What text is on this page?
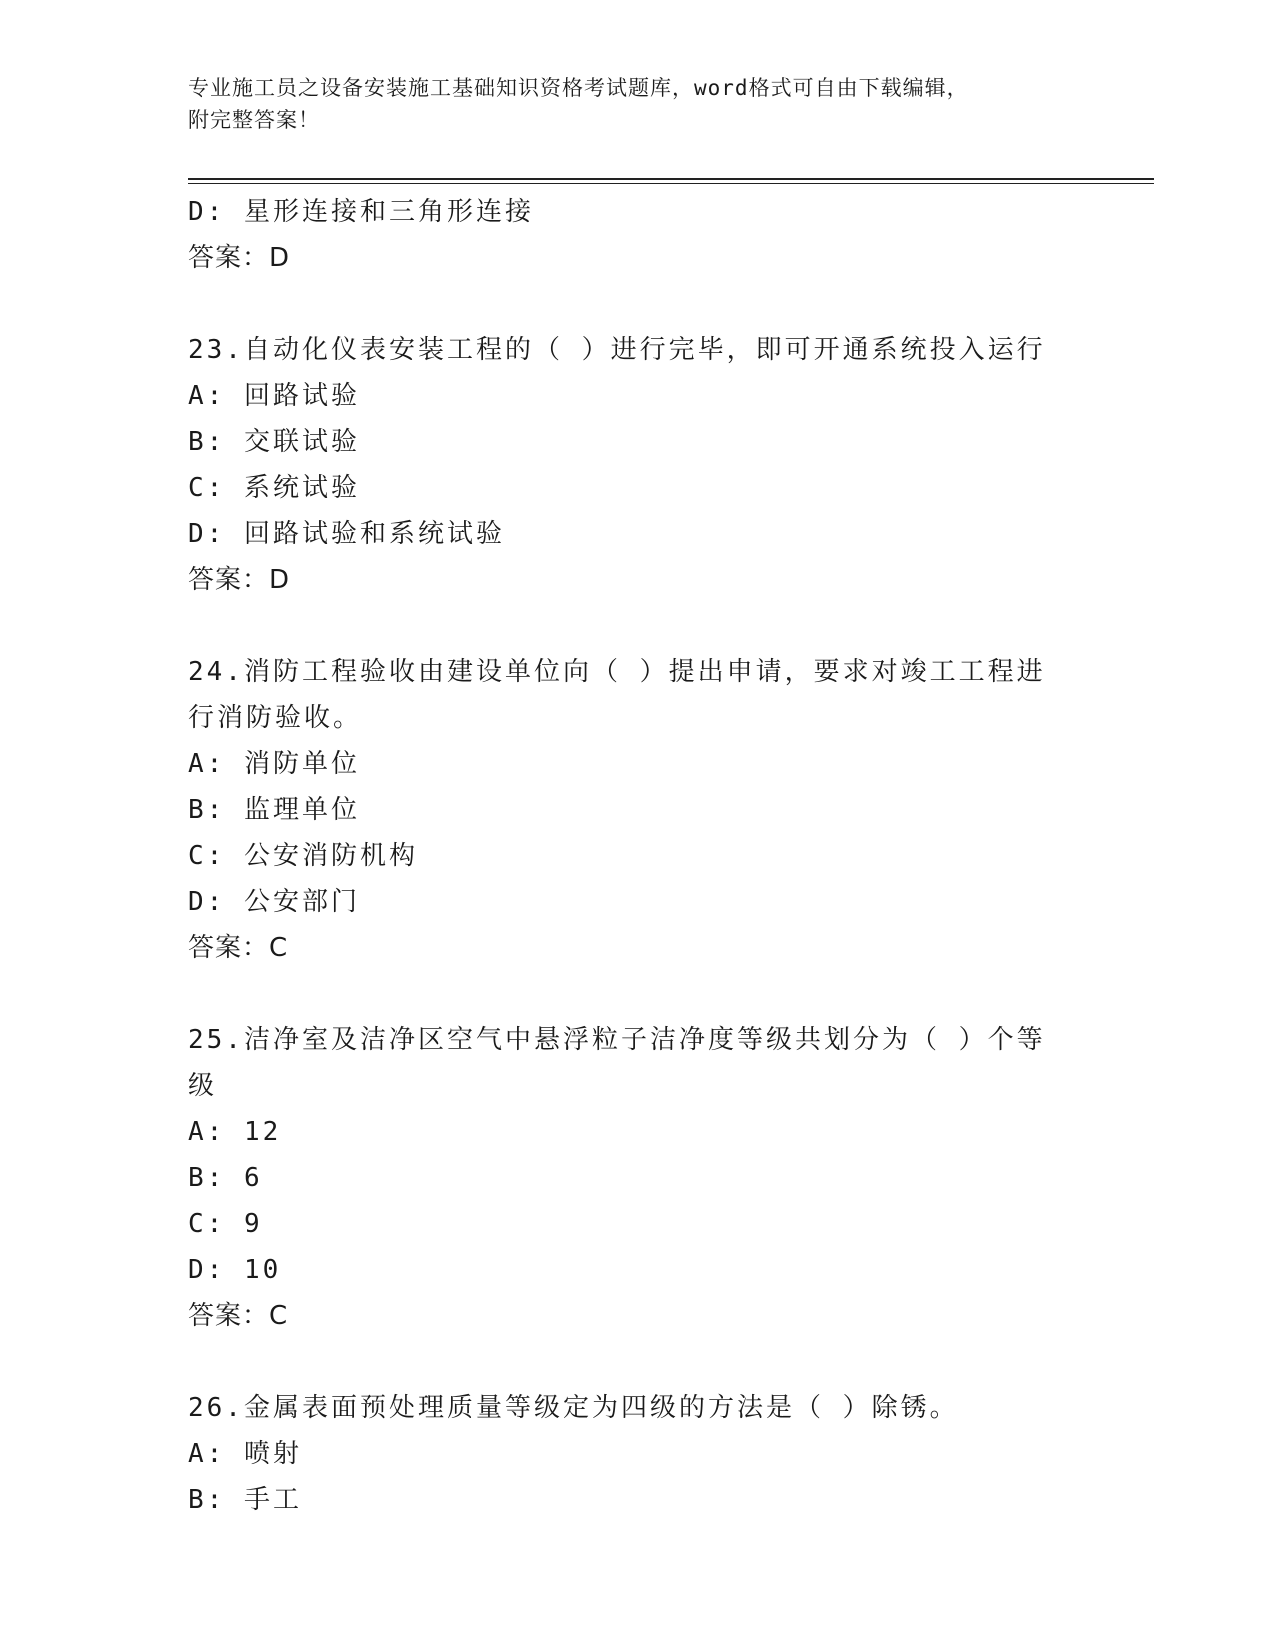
专业施工员之设备安装施工基础知识资格考试题库，word格式可自由下载编辑，
附完整答案！
D: 星形连接和三角形连接
答案：D
23.自动化仪表安装工程的（ ）进行完毕，即可开通系统投入运行
A: 回路试验
B: 交联试验
C: 系统试验
D: 回路试验和系统试验
答案：D
24.消防工程验收由建设单位向（ ）提出申请，要求对竣工工程进行消防验收。
A: 消防单位
B: 监理单位
C: 公安消防机构
D: 公安部门
答案：C
25.洁净室及洁净区空气中悬浮粒子洁净度等级共划分为（ ）个等级
A: 12
B: 6
C: 9
D: 10
答案：C
26.金属表面预处理质量等级定为四级的方法是（ ）除锈。
A: 喷射
B: 手工
